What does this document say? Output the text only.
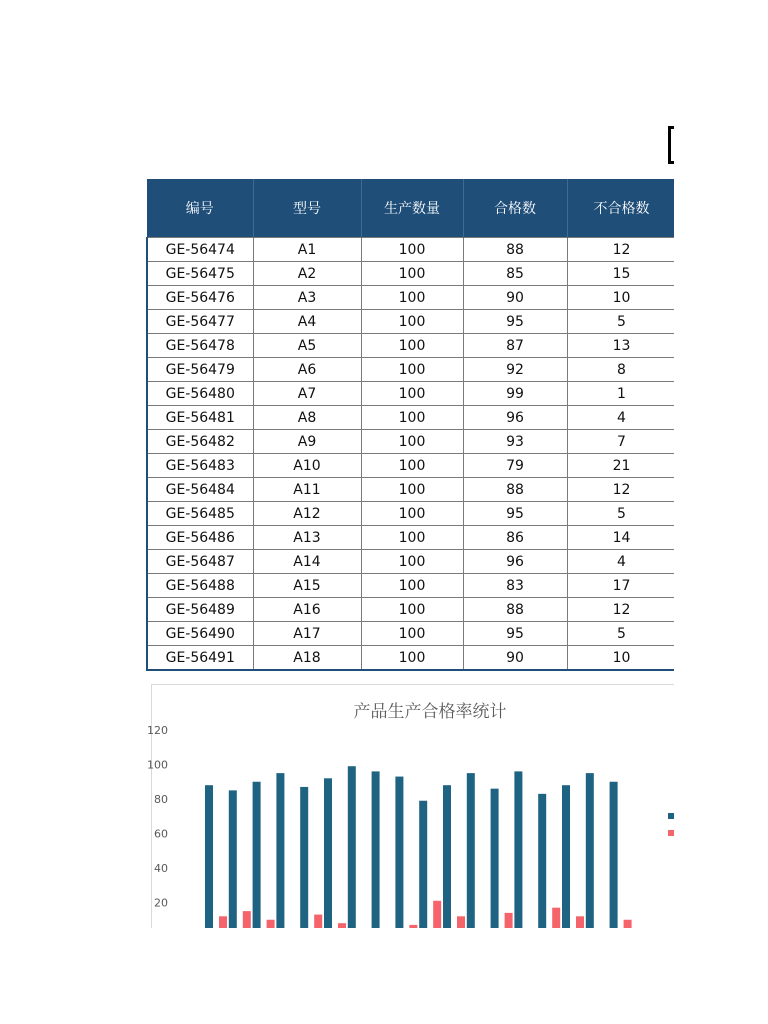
编号	型号	生产数量	合格数	不合格数
GE-56474	A1	100	88	12
GE-56475	A2	100	85	15
GE-56476	A3	100	90	10
GE-56477	A4	100	95	5
GE-56478	A5	100	87	13
GE-56479	A6	100	92	8
GE-56480	A7	100	99	1
GE-56481	A8	100	96	4
GE-56482	A9	100	93	7
GE-56483	A10	100	79	21
GE-56484	A11	100	88	12
GE-56485	A12	100	95	5
GE-56486	A13	100	86	14
GE-56487	A14	100	96	4
GE-56488	A15	100	83	17
GE-56489	A16	100	88	12
GE-56490	A17	100	95	5
GE-56491	A18	100	90	10
产品生产合格率统计
20
40
60
80
100
120
